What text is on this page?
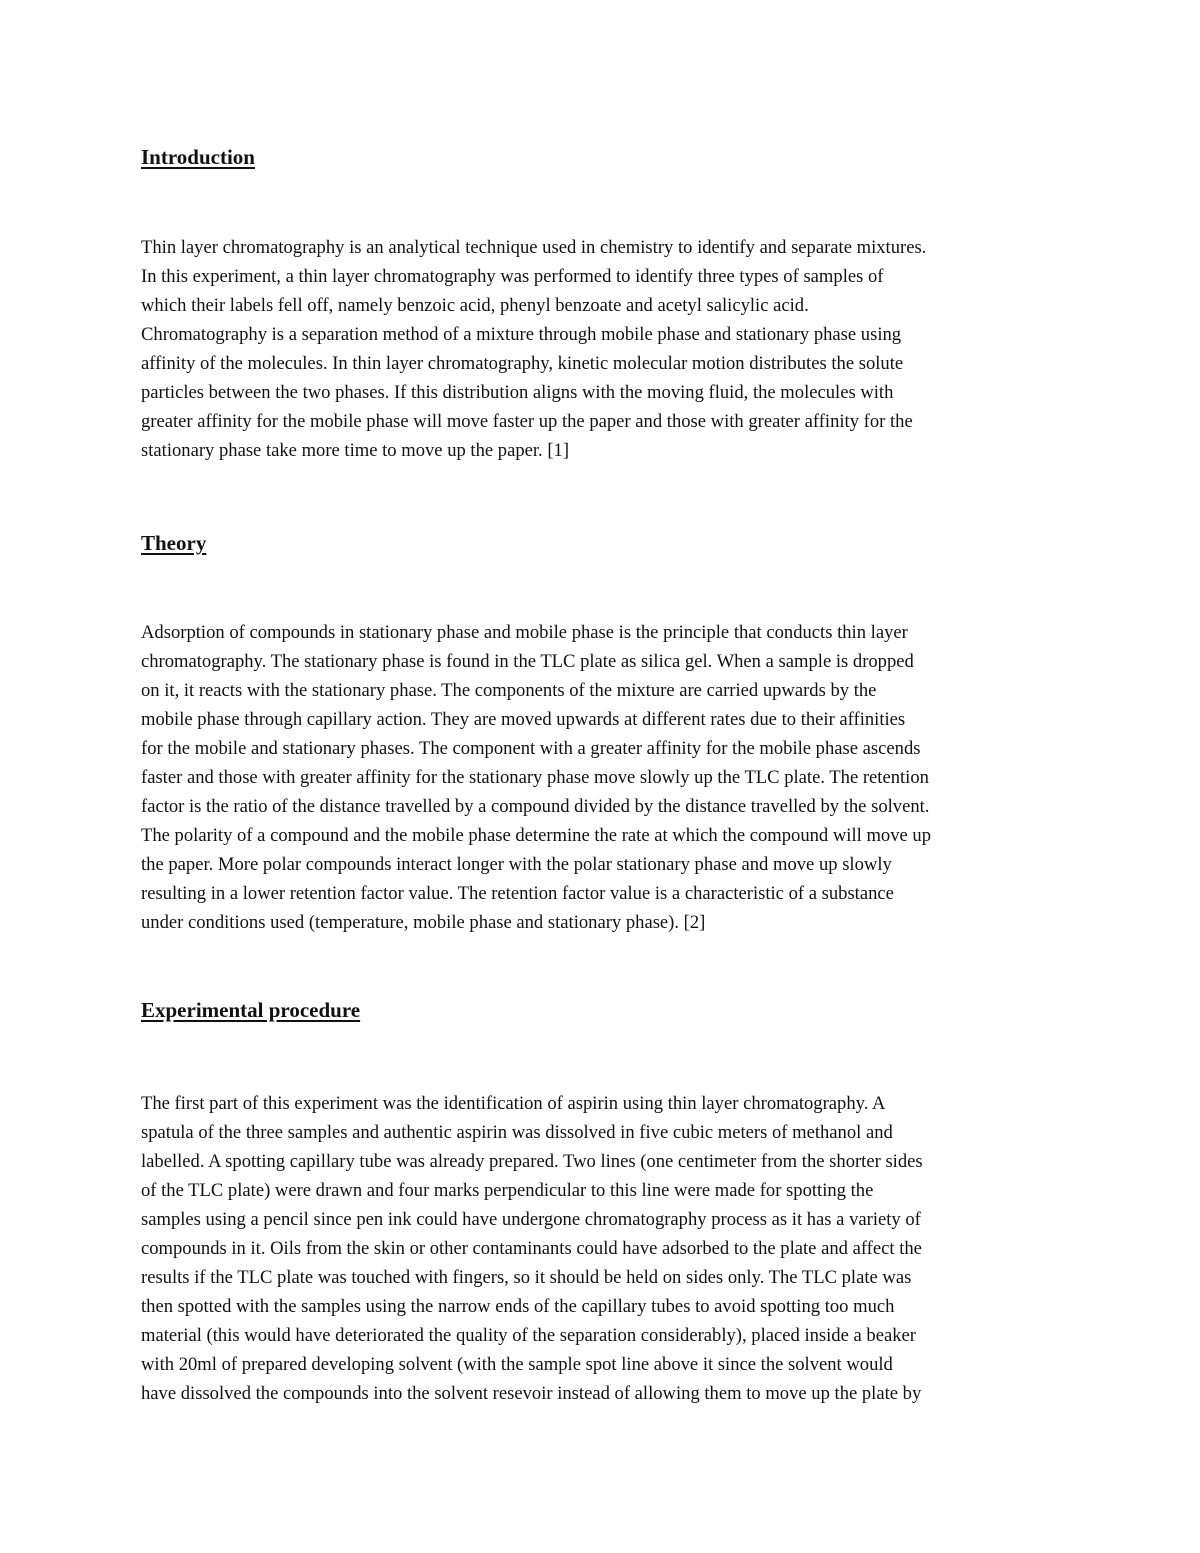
Introduction
Thin layer chromatography is an analytical technique used in chemistry to identify and separate mixtures.
In this experiment, a thin layer chromatography was performed to identify three types of samples of
which their labels fell off, namely benzoic acid, phenyl benzoate and acetyl salicylic acid.
Chromatography is a separation method of a mixture through mobile phase and stationary phase using
affinity of the molecules. In thin layer chromatography, kinetic molecular motion distributes the solute
particles between the two phases. If this distribution aligns with the moving fluid, the molecules with
greater affinity for the mobile phase will move faster up the paper and those with greater affinity for the
stationary phase take more time to move up the paper. [1]
Theory
Adsorption of compounds in stationary phase and mobile phase is the principle that conducts thin layer
chromatography. The stationary phase is found in the TLC plate as silica gel. When a sample is dropped
on it, it reacts with the stationary phase. The components of the mixture are carried upwards by the
mobile phase through capillary action. They are moved upwards at different rates due to their affinities
for the mobile and stationary phases. The component with a greater affinity for the mobile phase ascends
faster and those with greater affinity for the stationary phase move slowly up the TLC plate. The retention
factor is the ratio of the distance travelled by a compound divided by the distance travelled by the solvent.
The polarity of a compound and the mobile phase determine the rate at which the compound will move up
the paper. More polar compounds interact longer with the polar stationary phase and move up slowly
resulting in a lower retention factor value. The retention factor value is a characteristic of a substance
under conditions used (temperature, mobile phase and stationary phase). [2]
Experimental procedure
The first part of this experiment was the identification of aspirin using thin layer chromatography. A
spatula of the three samples and authentic aspirin was dissolved in five cubic meters of methanol and
labelled. A spotting capillary tube was already prepared. Two lines (one centimeter from the shorter sides
of the TLC plate) were drawn and four marks perpendicular to this line were made for spotting the
samples using a pencil since pen ink could have undergone chromatography process as it has a variety of
compounds in it. Oils from the skin or other contaminants could have adsorbed to the plate and affect the
results if the TLC plate was touched with fingers, so it should be held on sides only. The TLC plate was
then spotted with the samples using the narrow ends of the capillary tubes to avoid spotting too much
material (this would have deteriorated the quality of the separation considerably), placed inside a beaker
with 20ml of prepared developing solvent (with the sample spot line above it since the solvent would
have dissolved the compounds into the solvent resevoir instead of allowing them to move up the plate by
